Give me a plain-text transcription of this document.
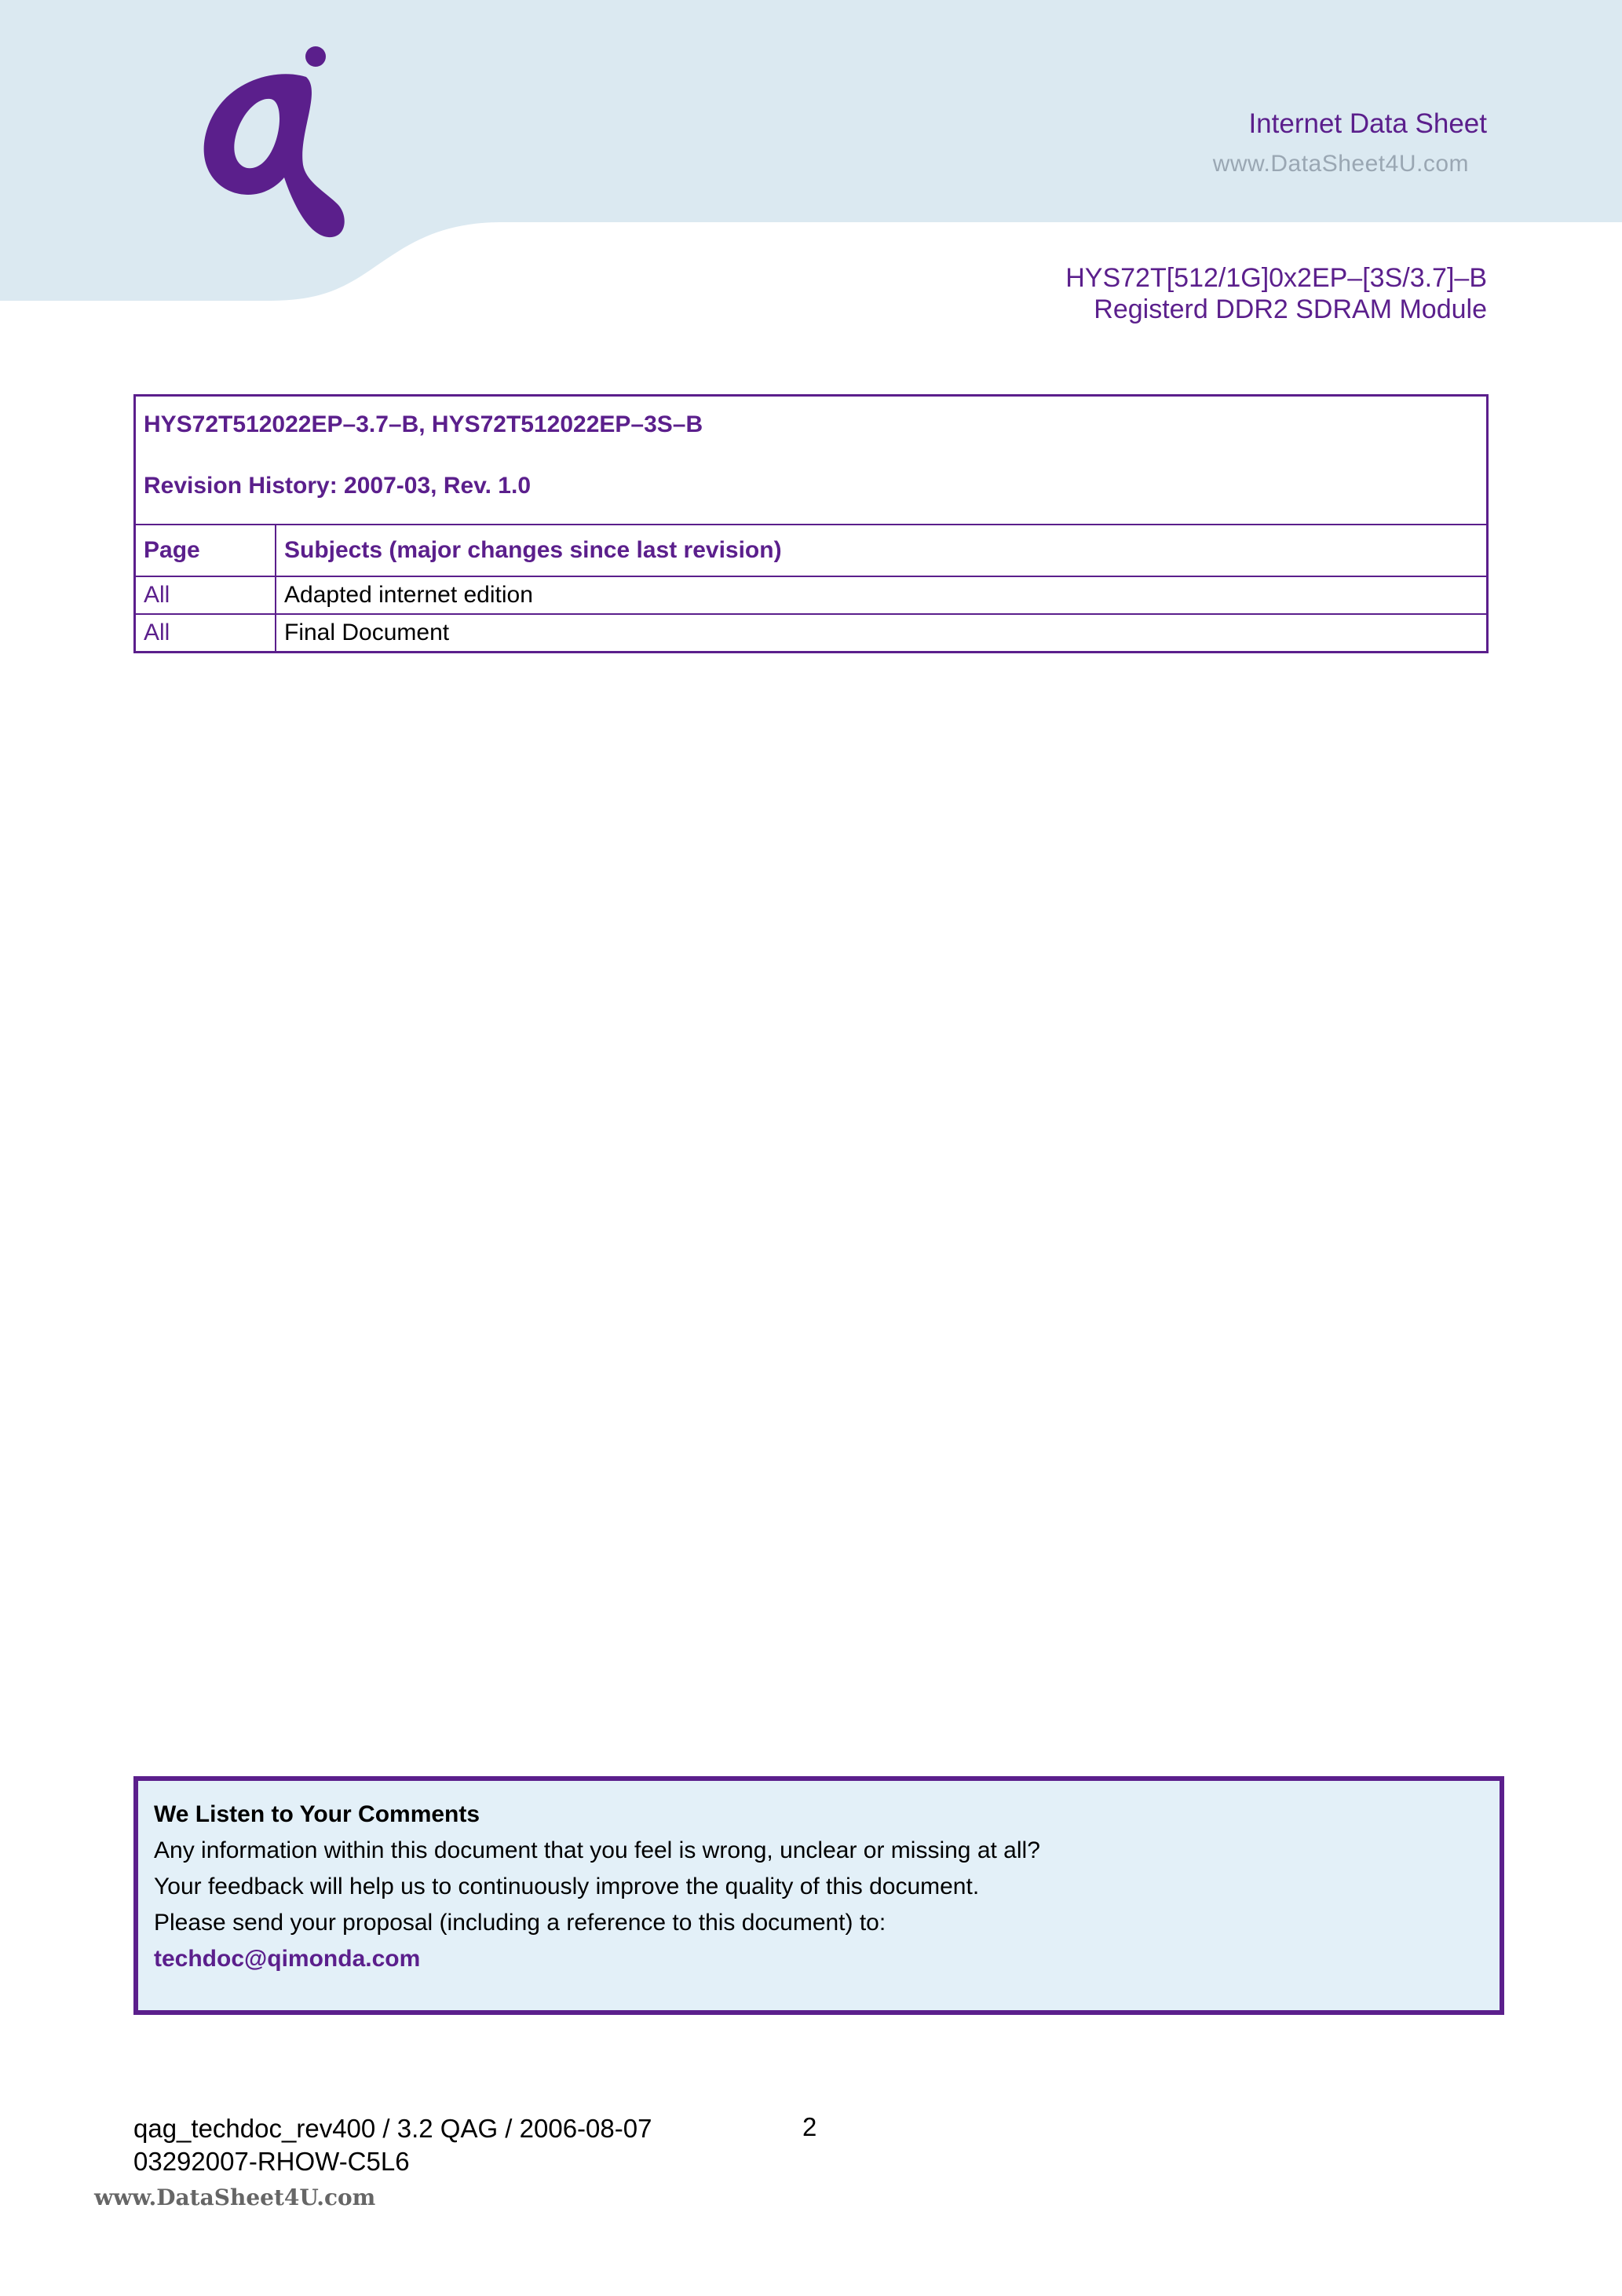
Internet Data Sheet
www.DataSheet4U.com
HYS72T[512/1G]0x2EP–[3S/3.7]–B
Registerd DDR2 SDRAM Module
HYS72T512022EP–3.7–B, HYS72T512022EP–3S–B
Revision History: 2007-03, Rev. 1.0	

Page	Subjects (major changes since last revision)
All	Adapted internet edition
All	Final Document
We Listen to Your Comments
Any information within this document that you feel is wrong, unclear or missing at all?
Your feedback will help us to continuously improve the quality of this document.
Please send your proposal (including a reference to this document) to:
techdoc@qimonda.com
qag_techdoc_rev400 / 3.2 QAG / 2006-08-07
03292007-RHOW-C5L6
2
www.DataSheet4U.com
